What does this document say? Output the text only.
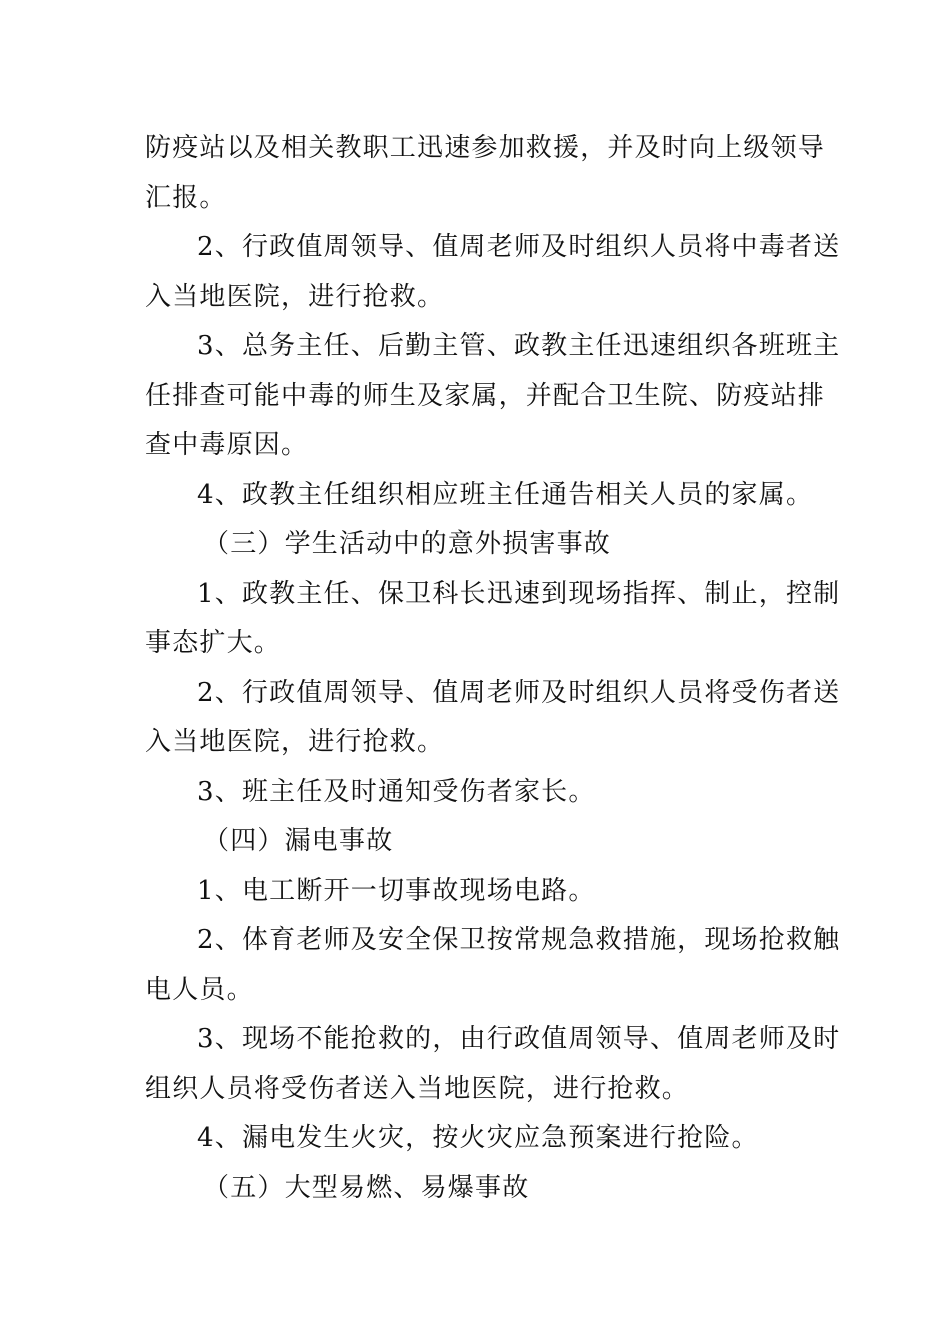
防疫站以及相关教职工迅速参加救援，并及时向上级领导
汇报。
2、行政值周领导、值周老师及时组织人员将中毒者送
入当地医院，进行抢救。
3、总务主任、后勤主管、政教主任迅速组织各班班主
任排查可能中毒的师生及家属，并配合卫生院、防疫站排
查中毒原因。
4、政教主任组织相应班主任通告相关人员的家属。
（三）学生活动中的意外损害事故
1、政教主任、保卫科长迅速到现场指挥、制止，控制
事态扩大。
2、行政值周领导、值周老师及时组织人员将受伤者送
入当地医院，进行抢救。
3、班主任及时通知受伤者家长。
（四）漏电事故
1、电工断开一切事故现场电路。
2、体育老师及安全保卫按常规急救措施，现场抢救触
电人员。
3、现场不能抢救的，由行政值周领导、值周老师及时
组织人员将受伤者送入当地医院，进行抢救。
4、漏电发生火灾，按火灾应急预案进行抢险。
（五）大型易燃、易爆事故
